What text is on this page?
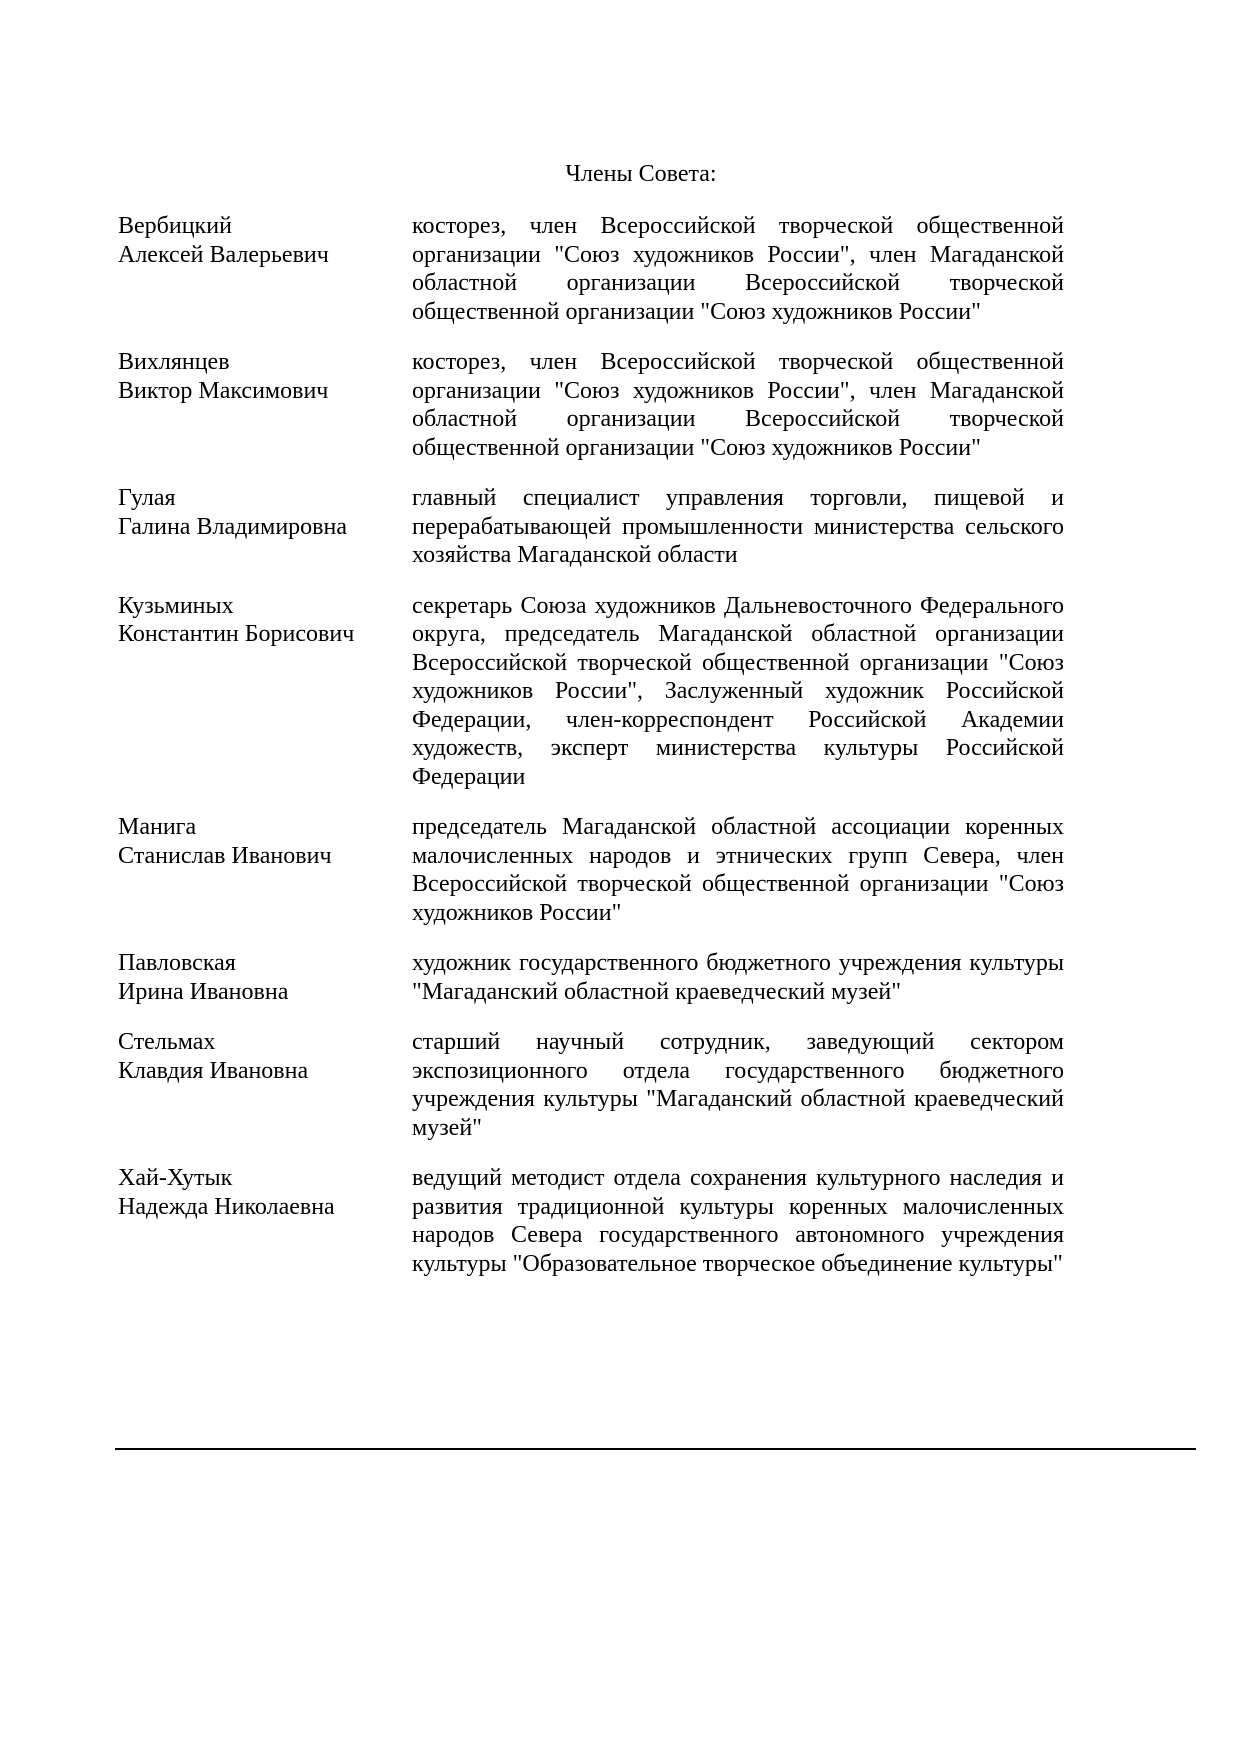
Члены Совета:
Вербицкий
Алексей Валерьевич
косторез, член Всероссийской творческой общественной организации "Союз художников России", член Магаданской областной организации Всероссийской творческой общественной организации "Союз художников России"
Вихлянцев
Виктор Максимович
косторез, член Всероссийской творческой общественной организации "Союз художников России", член Магаданской областной организации Всероссийской творческой общественной организации "Союз художников России"
Гулая
Галина Владимировна
главный специалист управления торговли, пищевой и перерабатывающей промышленности министерства сельского хозяйства Магаданской области
Кузьминых
Константин Борисович
секретарь Союза художников Дальневосточного Федерального округа, председатель Магаданской областной организации Всероссийской творческой общественной организации "Союз художников России", Заслуженный художник Российской Федерации, член-корреспондент Российской Академии художеств, эксперт министерства культуры Российской Федерации
Манига
Станислав Иванович
председатель Магаданской областной ассоциации коренных малочисленных народов и этнических групп Севера, член Всероссийской творческой общественной организации "Союз художников России"
Павловская
Ирина Ивановна
художник государственного бюджетного учреждения культуры "Магаданский областной краеведческий музей"
Стельмах
Клавдия Ивановна
старший научный сотрудник, заведующий сектором экспозиционного отдела государственного бюджетного учреждения культуры "Магаданский областной краеведческий музей"
Хай-Хутык
Надежда Николаевна
ведущий методист отдела сохранения культурного наследия и развития традиционной культуры коренных малочисленных народов Севера государственного автономного учреждения культуры "Образовательное творческое объединение культуры"
